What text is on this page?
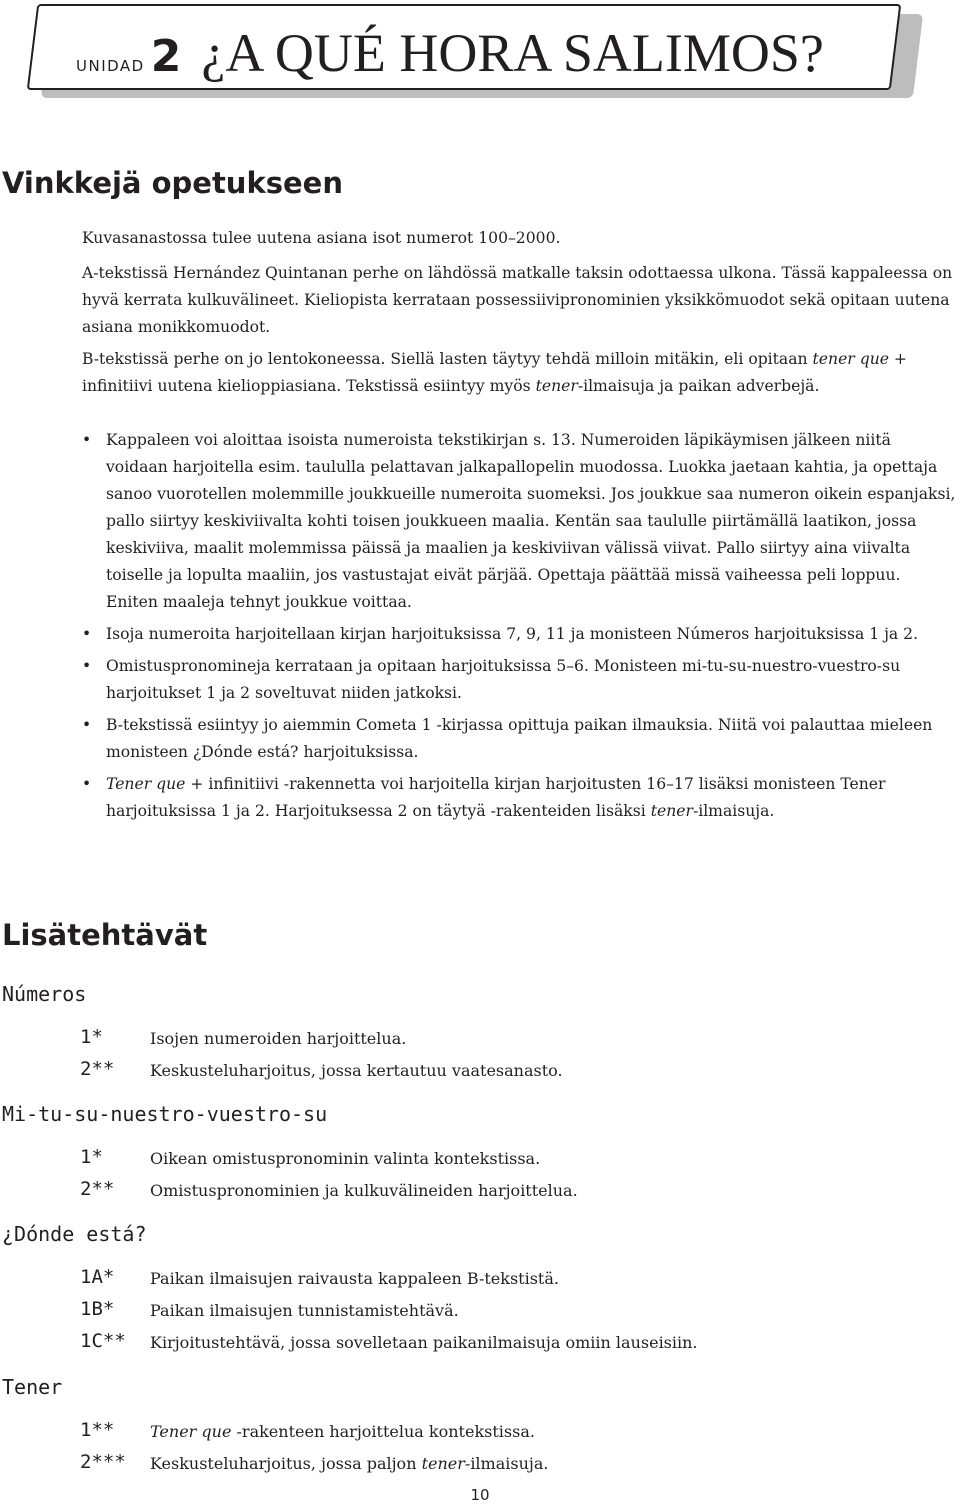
UNIDAD 2 ¿A QUÉ HORA SALIMOS?
Vinkkejä opetukseen

Kuvasanastossa tulee uutena asiana isot numerot 100–2000.

A-tekstissä Hernández Quintanan perhe on lähdössä matkalle taksin odottaessa ulkona. Tässä kappaleessa on hyvä kerrata kulkuvälineet. Kieliopista kerrataan possessiivipronominien yksikkömuodot sekä opitaan uutena asiana monikkomuodot.

B-tekstissä perhe on jo lentokoneessa. Siellä lasten täytyy tehdä milloin mitäkin, eli opitaan tener que + infinitiivi uutena kielioppiasiana. Tekstissä esiintyy myös tener-ilmaisuja ja paikan adverbejä.

• Kappaleen voi aloittaa isoista numeroista tekstikirjan s. 13. Numeroiden läpikäymisen jälkeen niitä voidaan harjoitella esim. taululla pelattavan jalkapallopelin muodossa. Luokka jaetaan kahtia, ja opettaja sanoo vuorotellen molemmille joukkueille numeroita suomeksi. Jos joukkue saa numeron oikein espanjaksi, pallo siirtyy keskiviivalta kohti toisen joukkueen maalia. Kentän saa taululle piirtämällä laatikon, jossa keskiviiva, maalit molemmissa päissä ja maalien ja keskiviivan välissä viivat. Pallo siirtyy aina viivalta toiselle ja lopulta maaliin, jos vastustajat eivät pärjää. Opettaja päättää missä vaiheessa peli loppuu. Eniten maaleja tehnyt joukkue voittaa.
• Isoja numeroita harjoitellaan kirjan harjoituksissa 7, 9, 11 ja monisteen Números harjoituksissa 1 ja 2.
• Omistuspronomineja kerrataan ja opitaan harjoituksissa 5–6. Monisteen mi-tu-su-nuestro-vuestro-su harjoitukset 1 ja 2 soveltuvat niiden jatkoksi.
• B-tekstissä esiintyy jo aiemmin Cometa 1 -kirjassa opittuja paikan ilmauksia. Niitä voi palauttaa mieleen monisteen ¿Dónde está? harjoituksissa.
• Tener que + infinitiivi -rakennetta voi harjoitella kirjan harjoitusten 16–17 lisäksi monisteen Tener harjoituksissa 1 ja 2. Harjoituksessa 2 on täytyä -rakenteiden lisäksi tener-ilmaisuja.
Lisätehtävät
Números
1*	Isojen numeroiden harjoittelua.
2** Keskusteluharjoitus, jossa kertautuu vaatesanasto.
Mi-tu-su-nuestro-vuestro-su
1*	Oikean omistuspronominin valinta kontekstissa.
2** Omistuspronominien ja kulkuvälineiden harjoittelua.
¿Dónde está?
1A* Paikan ilmaisujen raivausta kappaleen B-tekstistä.
1B* Paikan ilmaisujen tunnistamistehtävä.
1C** Kirjoitustehtävä, jossa sovelletaan paikanilmaisuja omiin lauseisiin.
Tener
1** Tener que -rakenteen harjoittelua kontekstissa.
2*** Keskusteluharjoitus, jossa paljon tener-ilmaisuja.
10
